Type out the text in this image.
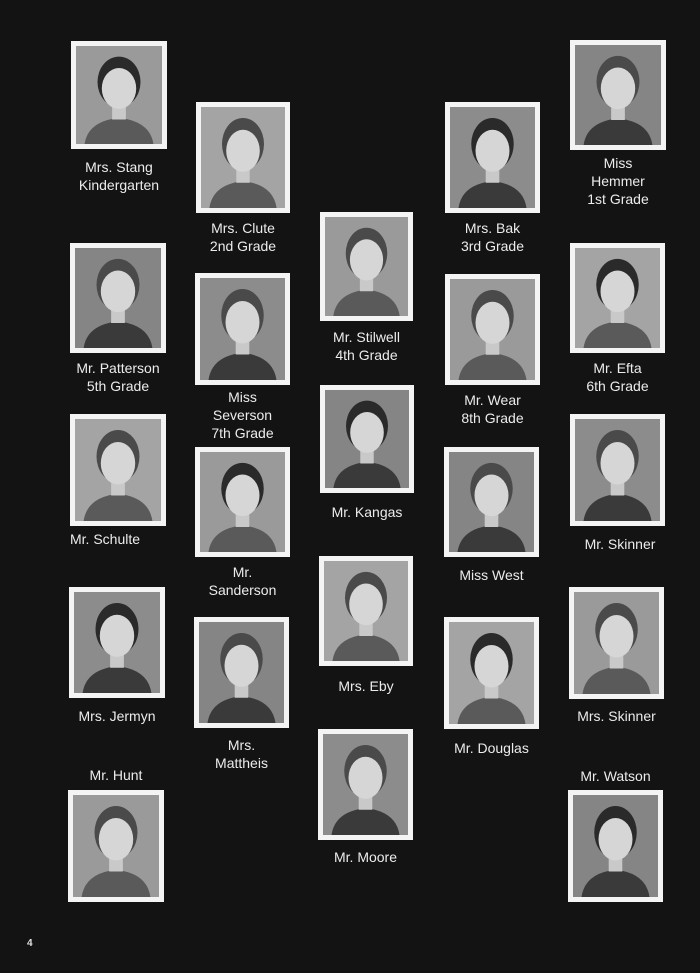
Mrs. Stang
Kindergarten
Miss
Hemmer
1st Grade
Mrs. Clute
2nd Grade
Mrs. Bak
3rd Grade
Mr. Stilwell
4th Grade
Mr. Patterson
5th Grade
Mr. Efta
6th Grade
Miss
Severson
7th Grade
Mr. Wear
8th Grade
Mr. Kangas
Mr. Schulte	Mr. Skinner
Mr.
Sanderson
Miss West
Mrs. Eby
Mrs. Jermyn	Mrs. Skinner
Mrs.
Mattheis
Mr. Douglas
Mr. Hunt	Mr. Watson
Mr. Moore
4
